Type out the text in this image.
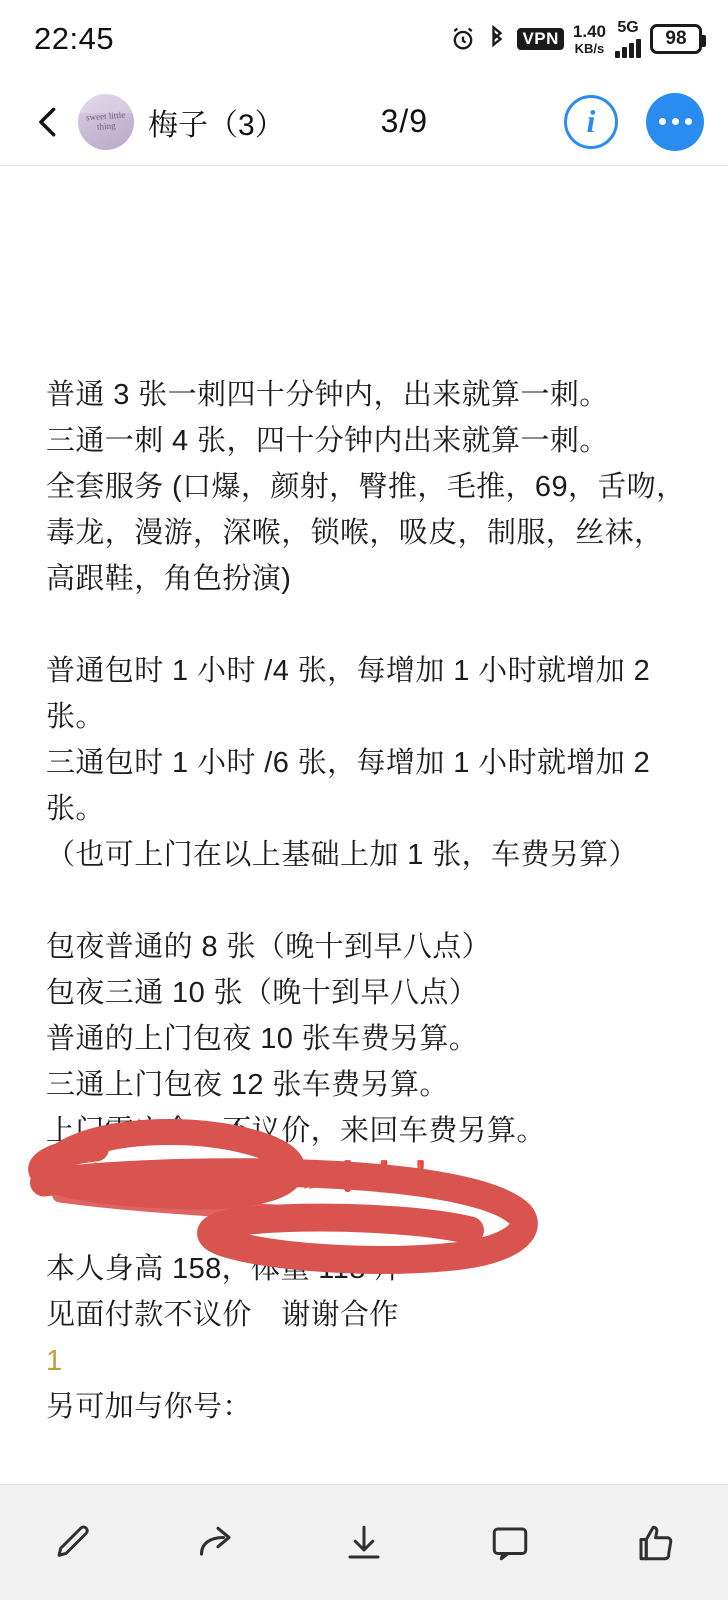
22:45	VPN 1.40
KB/s
5G
98
sweet little thing	梅子（3）	3/9	i

普通 3 张一刺四十分钟内，出来就算一刺。

三通一刺 4 张，四十分钟内出来就算一刺。

全套服务 (口爆，颜射，臀推，毛推，69，舌吻，

毒龙，漫游，深喉，锁喉，吸皮，制服，丝袜，

高跟鞋，角色扮演)

普通包时 1 小时 /4 张，每增加 1 小时就增加 2 张。

三通包时 1 小时 /6 张，每增加 1 小时就增加 2 张。

（也可上门在以上基础上加 1 张，车费另算）

包夜普通的 8 张（晚十到早八点）

包夜三通 10 张（晚十到早八点）

普通的上门包夜 10 张车费另算。

三通上门包夜 12 张车费另算。

上门需定金，不议价，来回车费另算。

❗喝酒、吸 du、不接❗❗❗

本人身高 158，体重 118 斤

见面付款不议价　谢谢合作

1

另可加与你号：
